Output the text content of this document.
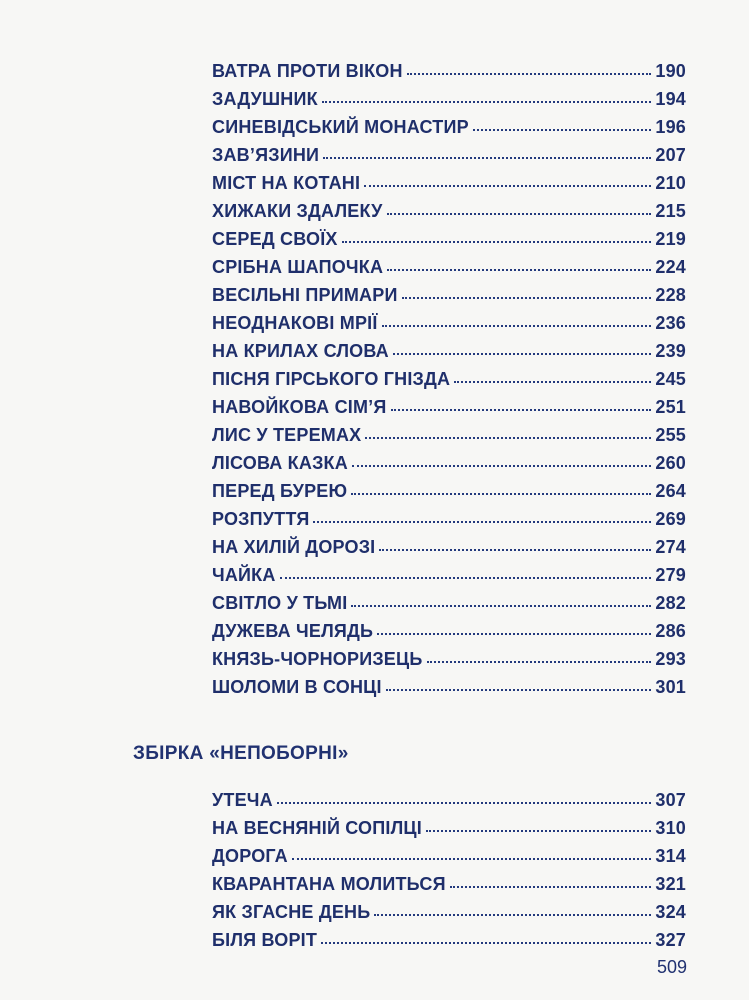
ВАТРА ПРОТИ ВІКОН	190
ЗАДУШНИК	194
СИНЕВІДСЬКИЙ МОНАСТИР	196
ЗАВ’ЯЗИНИ	207
МІСТ НА КОТАНІ	210
ХИЖАКИ ЗДАЛЕКУ	215
СЕРЕД СВОЇХ	219
СРІБНА ШАПОЧКА	224
ВЕСІЛЬНІ ПРИМАРИ	228
НЕОДНАКОВІ МРІЇ	236
НА КРИЛАХ СЛОВА	239
ПІСНЯ ГІРСЬКОГО ГНІЗДА	245
НАВОЙКОВА СІМ’Я	251
ЛИС У ТЕРЕМАХ	255
ЛІСОВА КАЗКА	260
ПЕРЕД БУРЕЮ	264
РОЗПУТТЯ	269
НА ХИЛІЙ ДОРОЗІ	274
ЧАЙКА	279
СВІТЛО У ТЬМІ	282
ДУЖЕВА ЧЕЛЯДЬ	286
КНЯЗЬ-ЧОРНОРИЗЕЦЬ	293
ШОЛОМИ В СОНЦІ	301
ЗБІРКА «НЕПОБОРНІ»
УТЕЧА	307
НА ВЕСНЯНІЙ СОПІЛЦІ	310
ДОРОГА	314
КВАРАНТАНА МОЛИТЬСЯ	321
ЯК ЗГАСНЕ ДЕНЬ	324
БІЛЯ ВОРІТ	327
509
